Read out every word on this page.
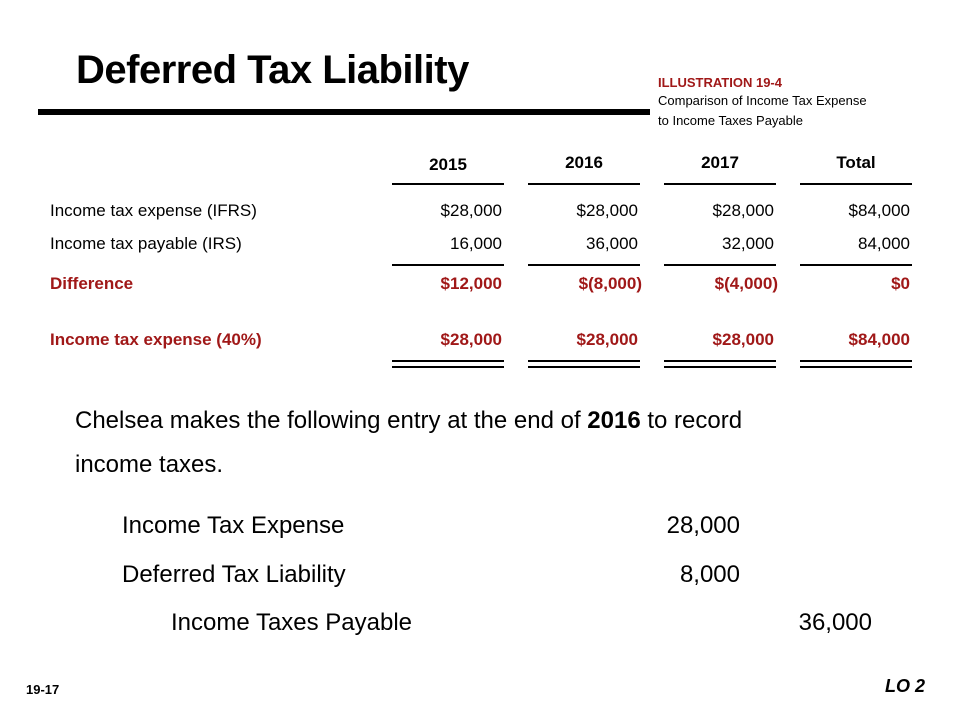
Deferred Tax Liability	ILLUSTRATION 19-4
Comparison of Income Tax Expense
to Income Taxes Payable
2015	2016	2017	Total
Income tax expense (IFRS)	$28,000	$28,000	$28,000	$84,000
Income tax payable (IRS)	16,000	36,000	32,000	84,000
Difference	$12,000	$(8,000)	$(4,000)	$0
Income tax expense (40%)	$28,000	$28,000	$28,000	$84,000
Chelsea makes the following entry at the end of 2016 to record
income taxes.
Income Tax Expense	28,000
Deferred Tax Liability	8,000
Income Taxes Payable	36,000
19-17	LO 2
